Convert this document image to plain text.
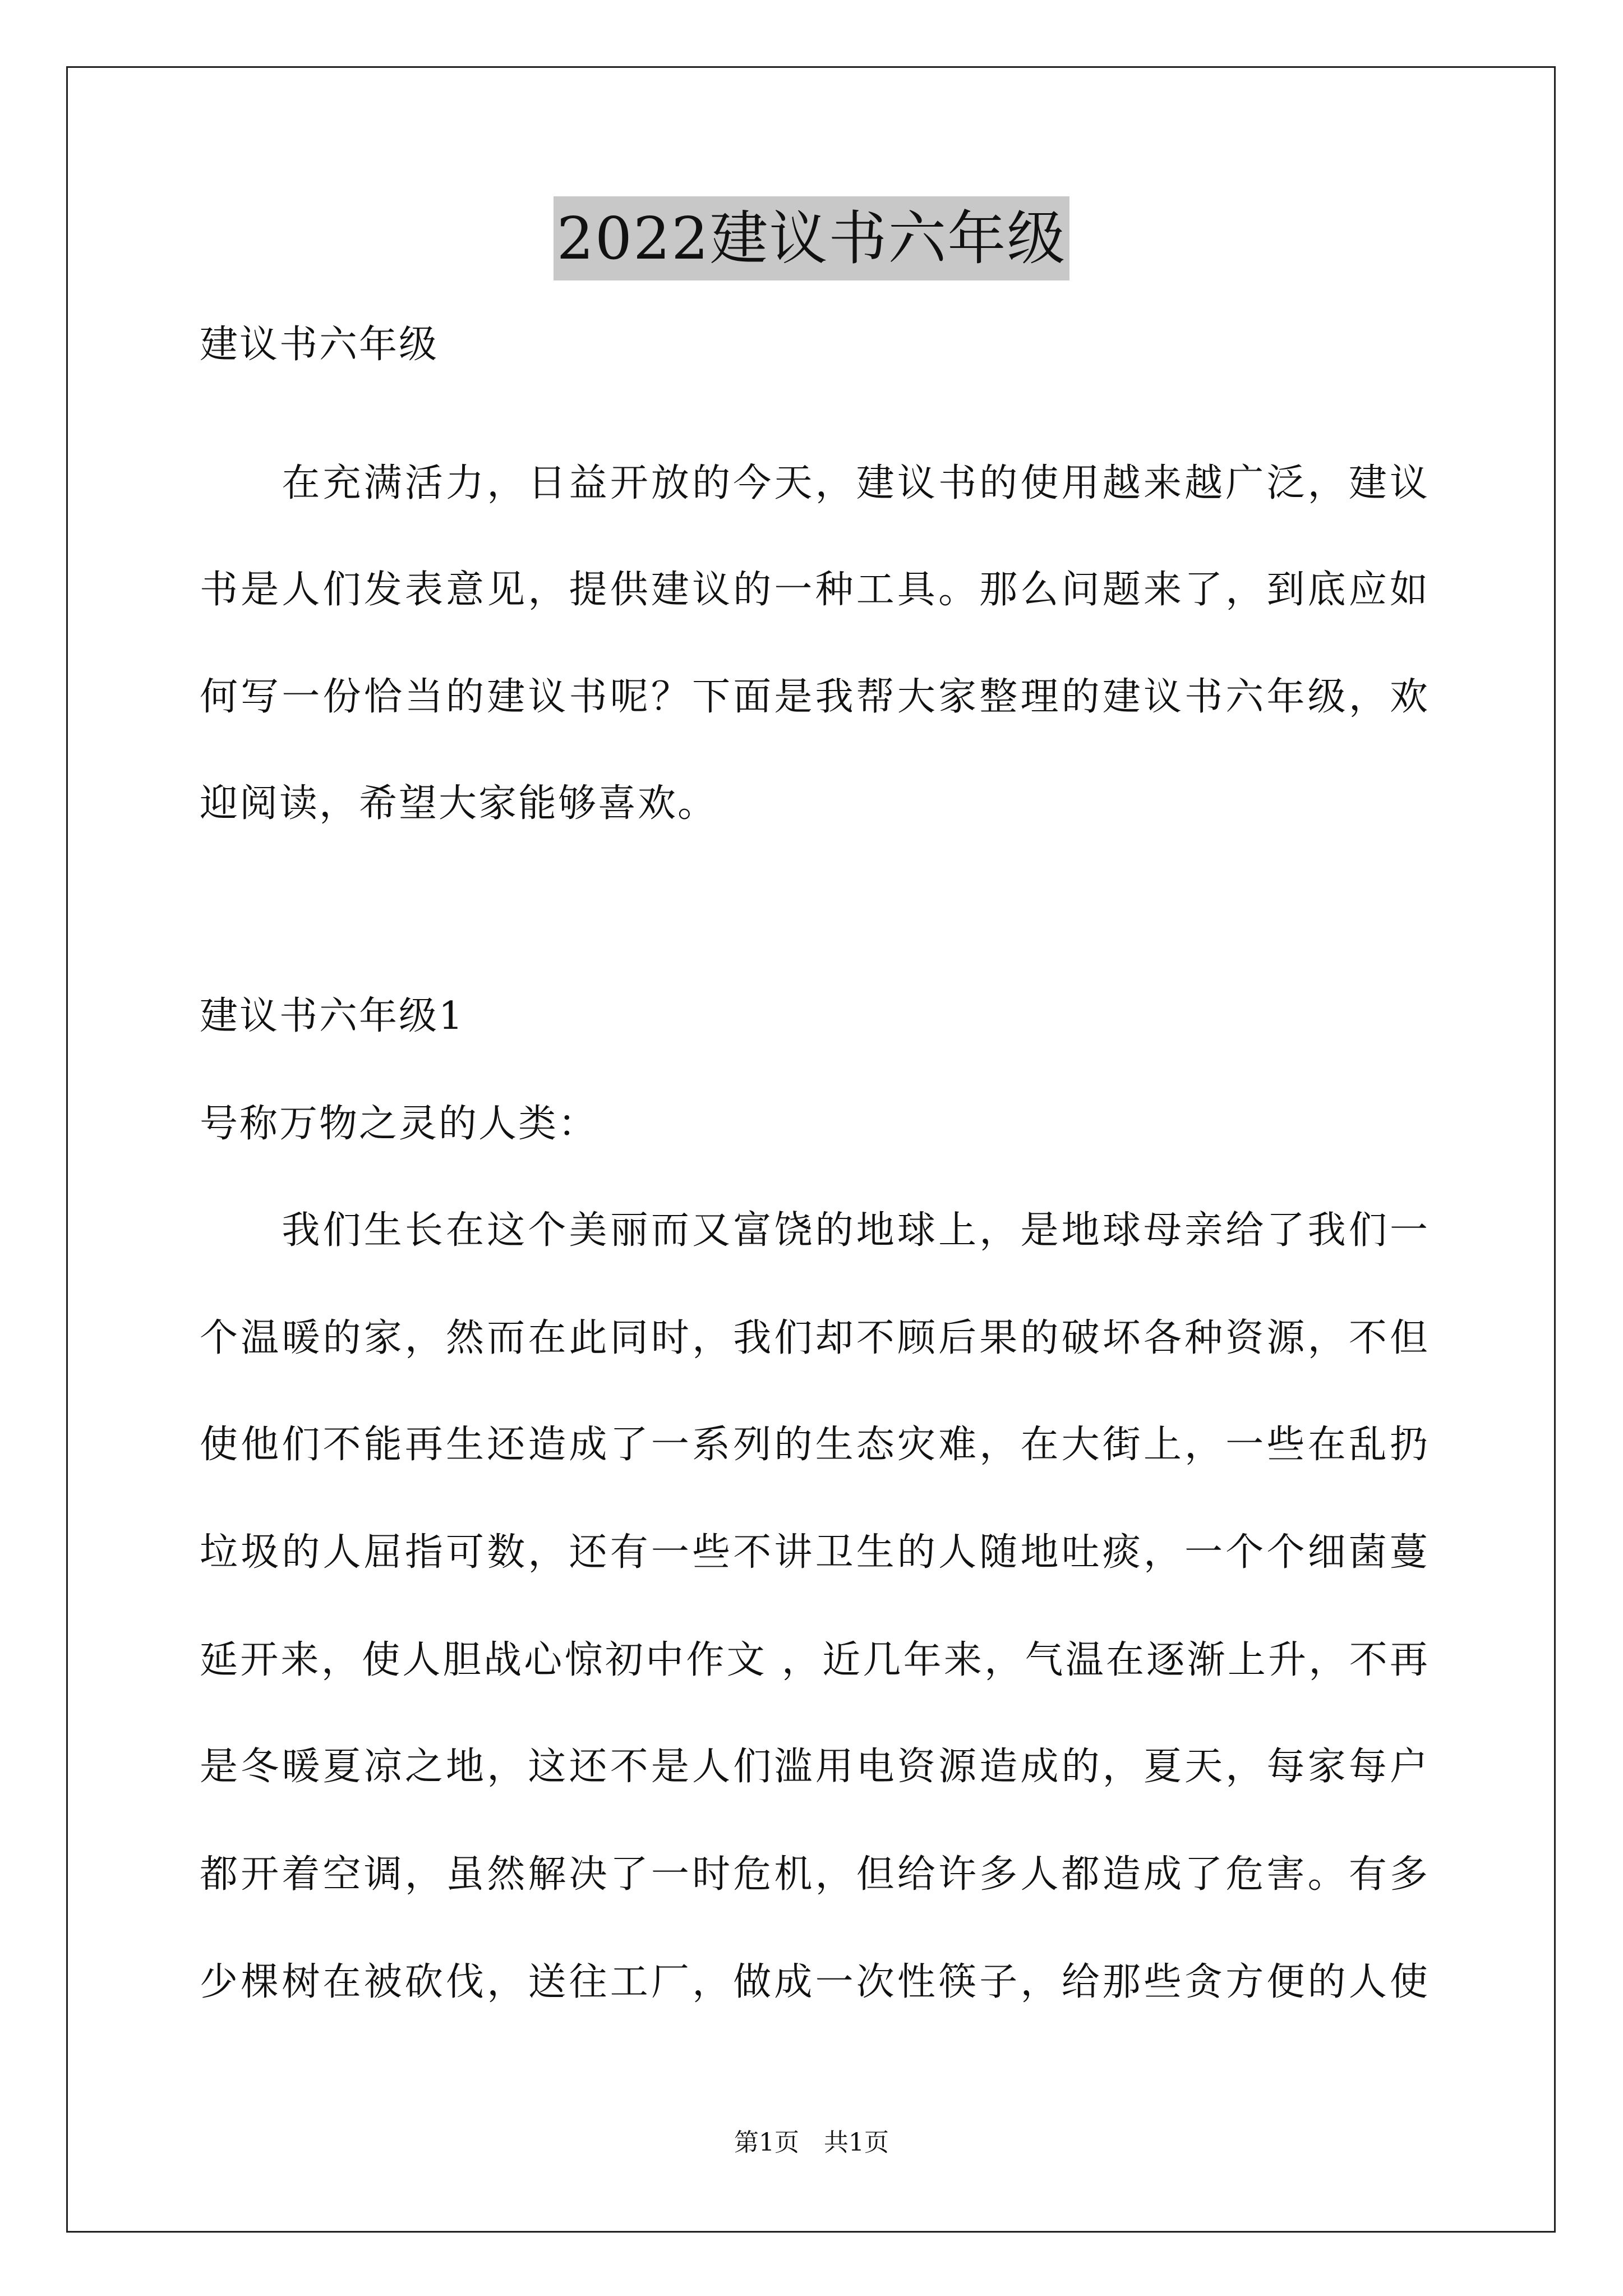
2022建议书六年级
建议书六年级
　　在充满活力，日益开放的今天，建议书的使用越来越广泛，建议
书是人们发表意见，提供建议的一种工具。那么问题来了，到底应如
何写一份恰当的建议书呢？下面是我帮大家整理的建议书六年级，欢
迎阅读，希望大家能够喜欢。
建议书六年级1
号称万物之灵的人类：
　　我们生长在这个美丽而又富饶的地球上，是地球母亲给了我们一
个温暖的家，然而在此同时，我们却不顾后果的破坏各种资源，不但
使他们不能再生还造成了一系列的生态灾难，在大街上，一些在乱扔
垃圾的人屈指可数，还有一些不讲卫生的人随地吐痰，一个个细菌蔓
延开来，使人胆战心惊初中作文 ，近几年来，气温在逐渐上升，不再
是冬暖夏凉之地，这还不是人们滥用电资源造成的，夏天，每家每户
都开着空调，虽然解决了一时危机，但给许多人都造成了危害。有多
少棵树在被砍伐，送往工厂，做成一次性筷子，给那些贪方便的人使
第1页　共1页
